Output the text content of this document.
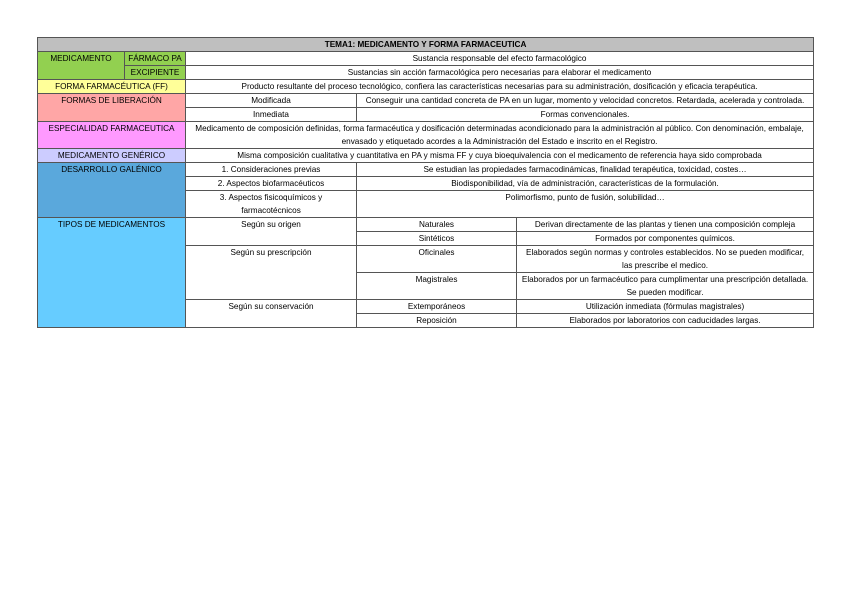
TEMA1: MEDICAMENTO Y FORMA FARMACEUTICA				
MEDICAMENTO	FÁRMACO PA	Sustancia responsable del efecto farmacológico		
	EXCIPIENTE	Sustancias sin acción farmacológica pero necesarias para elaborar el medicamento		
FORMA FARMACÉUTICA (FF)		Producto resultante del proceso tecnológico, confiera las características necesarias para su administración, dosificación y eficacia terapéutica.		
FORMAS DE LIBERACIÓN		Modificada	Conseguir una cantidad concreta de PA en un lugar, momento y velocidad concretos. Retardada, acelerada y controlada.	
		Inmediata	Formas convencionales.	
ESPECIALIDAD FARMACEUTICA		Medicamento de composición definidas, forma farmacéutica y dosificación determinadas acondicionado para la administración al público. Con denominación, embalaje, envasado y etiquetado acordes a la Administración del Estado e inscrito en el Registro.		
MEDICAMENTO GENÉRICO		Misma composición cualitativa y cuantitativa en PA y misma FF y cuya bioequivalencia con el medicamento de referencia haya sido comprobada		
DESARROLLO GALÉNICO		1. Consideraciones previas	Se estudian las propiedades farmacodinámicas, finalidad terapéutica, toxicidad, costes…	
		2. Aspectos biofarmacéuticos	Biodisponibilidad, vía de administración, características de la formulación.	
		3. Aspectos fisicoquímicos y farmacotécnicos	Polimorfismo, punto de fusión, solubilidad…	
TIPOS DE MEDICAMENTOS		Según su origen	Naturales	Derivan directamente de las plantas y tienen una composición compleja
			Sintéticos	Formados por componentes químicos.
		Según su prescripción	Oficinales	Elaborados según normas y controles establecidos. No se pueden modificar, las prescribe el medico.
			Magistrales	Elaborados por un farmacéutico para cumplimentar una prescripción detallada. Se pueden modificar.
		Según su conservación	Extemporáneos	Utilización inmediata (fórmulas magistrales)
			Reposición	Elaborados por laboratorios con caducidades largas.
